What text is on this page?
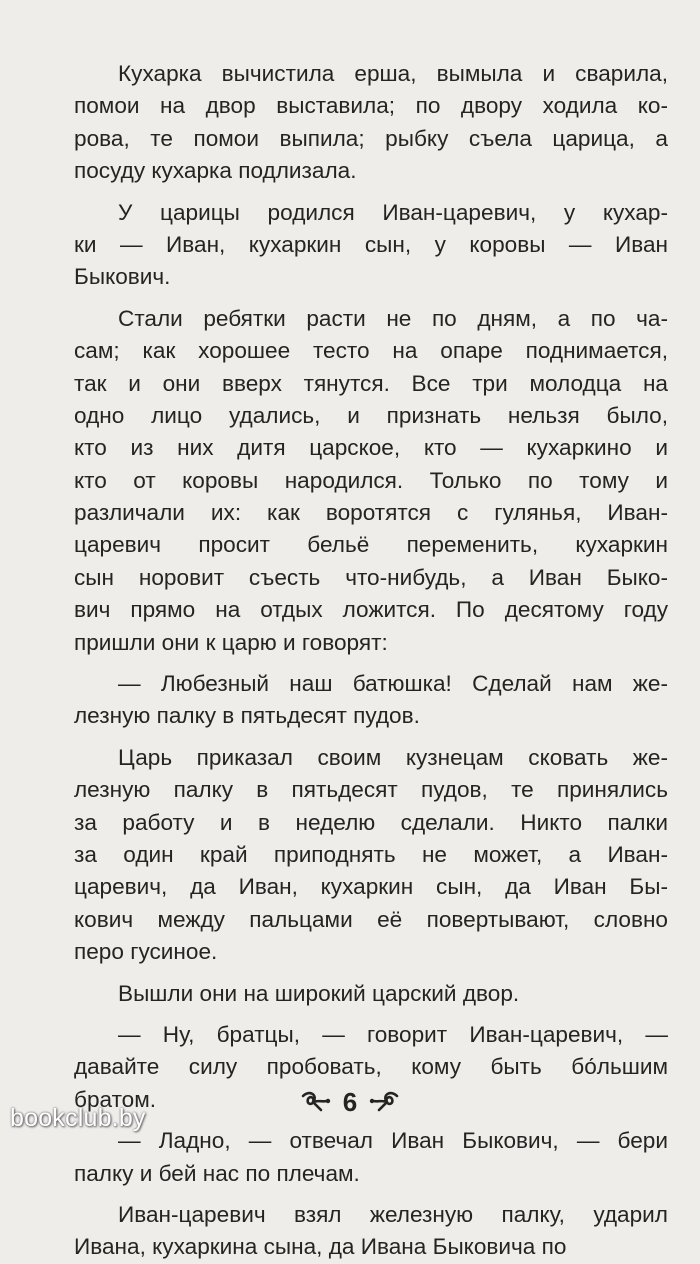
Кухарка вычистила ерша, вымыла и сварила,
помои на двор выставила; по двору ходила ко-
рова, те помои выпила; рыбку съела царица, а
посуду кухарка подлизала.
У царицы родился Иван-царевич, у кухар-
ки — Иван, кухаркин сын, у коровы — Иван
Быкович.
Стали ребятки расти не по дням, а по ча-
сам; как хорошее тесто на опаре поднимается,
так и они вверх тянутся. Все три молодца на
одно лицо удались, и признать нельзя было,
кто из них дитя царское, кто — кухаркино и
кто от коровы народился. Только по тому и
различали их: как воротятся с гулянья, Иван-
царевич просит бельё переменить, кухаркин
сын норовит съесть что-нибудь, а Иван Быко-
вич прямо на отдых ложится. По десятому году
пришли они к царю и говорят:
— Любезный наш батюшка! Сделай нам же-
лезную палку в пятьдесят пудов.
Царь приказал своим кузнецам сковать же-
лезную палку в пятьдесят пудов, те принялись
за работу и в неделю сделали. Никто палки
за один край приподнять не может, а Иван-
царевич, да Иван, кухаркин сын, да Иван Бы-
кович между пальцами её повертывают, словно
перо гусиное.
Вышли они на широкий царский двор.
— Ну, братцы, — говорит Иван-царевич, —
давайте силу пробовать, кому быть бо́льшим
братом.
— Ладно, — отвечал Иван Быкович, — бери
палку и бей нас по плечам.
Иван-царевич взял железную палку, ударил
Ивана, кухаркина сына, да Ивана Быковича по
6
bookclub.by
